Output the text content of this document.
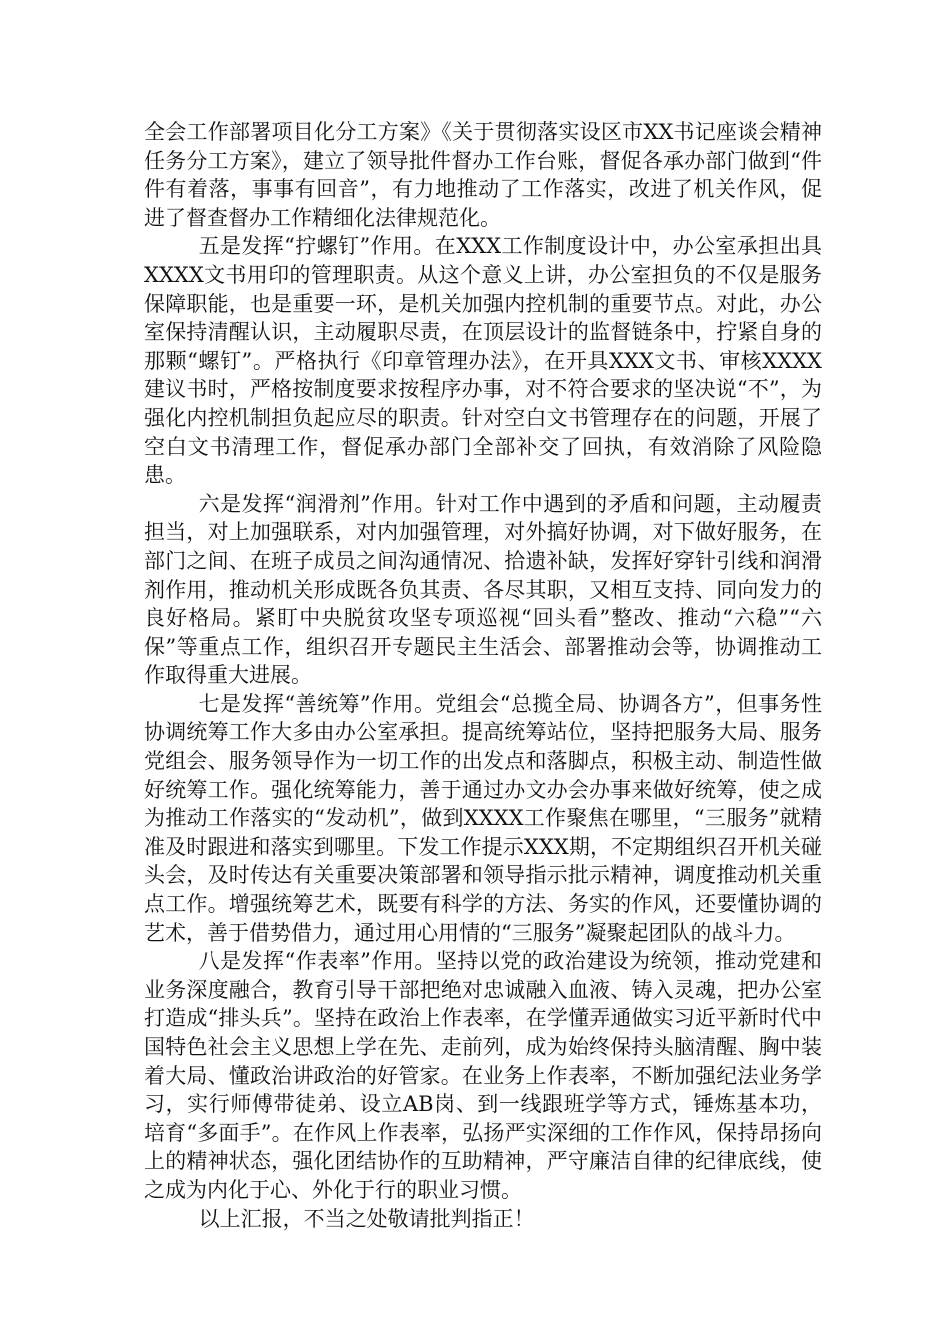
全会工作部署项目化分工方案》《关于贯彻落实设区市XX书记座谈会精神任务分工方案》，建立了领导批件督办工作台账，督促各承办部门做到“件件有着落，事事有回音”，有力地推动了工作落实，改进了机关作风，促进了督查督办工作精细化法律规范化。

五是发挥“拧螺钉”作用。在XXX工作制度设计中，办公室承担出具XXXX文书用印的管理职责。从这个意义上讲，办公室担负的不仅是服务保障职能，也是重要一环，是机关加强内控机制的重要节点。对此，办公室保持清醒认识，主动履职尽责，在顶层设计的监督链条中，拧紧自身的那颗“螺钉”。严格执行《印章管理办法》，在开具XXX文书、审核XXXX建议书时，严格按制度要求按程序办事，对不符合要求的坚决说“不”，为强化内控机制担负起应尽的职责。针对空白文书管理存在的问题，开展了空白文书清理工作，督促承办部门全部补交了回执，有效消除了风险隐患。

六是发挥“润滑剂”作用。针对工作中遇到的矛盾和问题，主动履责担当，对上加强联系，对内加强管理，对外搞好协调，对下做好服务，在部门之间、在班子成员之间沟通情况、拾遗补缺，发挥好穿针引线和润滑剂作用，推动机关形成既各负其责、各尽其职，又相互支持、同向发力的良好格局。紧盯中央脱贫攻坚专项巡视“回头看”整改、推动“六稳”“六保”等重点工作，组织召开专题民主生活会、部署推动会等，协调推动工作取得重大进展。

七是发挥“善统筹”作用。党组会“总揽全局、协调各方”，但事务性协调统筹工作大多由办公室承担。提高统筹站位，坚持把服务大局、服务党组会、服务领导作为一切工作的出发点和落脚点，积极主动、制造性做好统筹工作。强化统筹能力，善于通过办文办会办事来做好统筹，使之成为推动工作落实的“发动机”，做到XXXX工作聚焦在哪里，“三服务”就精准及时跟进和落实到哪里。下发工作提示XXX期，不定期组织召开机关碰头会，及时传达有关重要决策部署和领导指示批示精神，调度推动机关重点工作。增强统筹艺术，既要有科学的方法、务实的作风，还要懂协调的艺术，善于借势借力，通过用心用情的“三服务”凝聚起团队的战斗力。

八是发挥“作表率”作用。坚持以党的政治建设为统领，推动党建和业务深度融合，教育引导干部把绝对忠诚融入血液、铸入灵魂，把办公室打造成“排头兵”。坚持在政治上作表率，在学懂弄通做实习近平新时代中国特色社会主义思想上学在先、走前列，成为始终保持头脑清醒、胸中装着大局、懂政治讲政治的好管家。在业务上作表率，不断加强纪法业务学习，实行师傅带徒弟、设立AB岗、到一线跟班学等方式，锤炼基本功，培育“多面手”。在作风上作表率，弘扬严实深细的工作作风，保持昂扬向上的精神状态，强化团结协作的互助精神，严守廉洁自律的纪律底线，使之成为内化于心、外化于行的职业习惯。

以上汇报，不当之处敬请批判指正！
